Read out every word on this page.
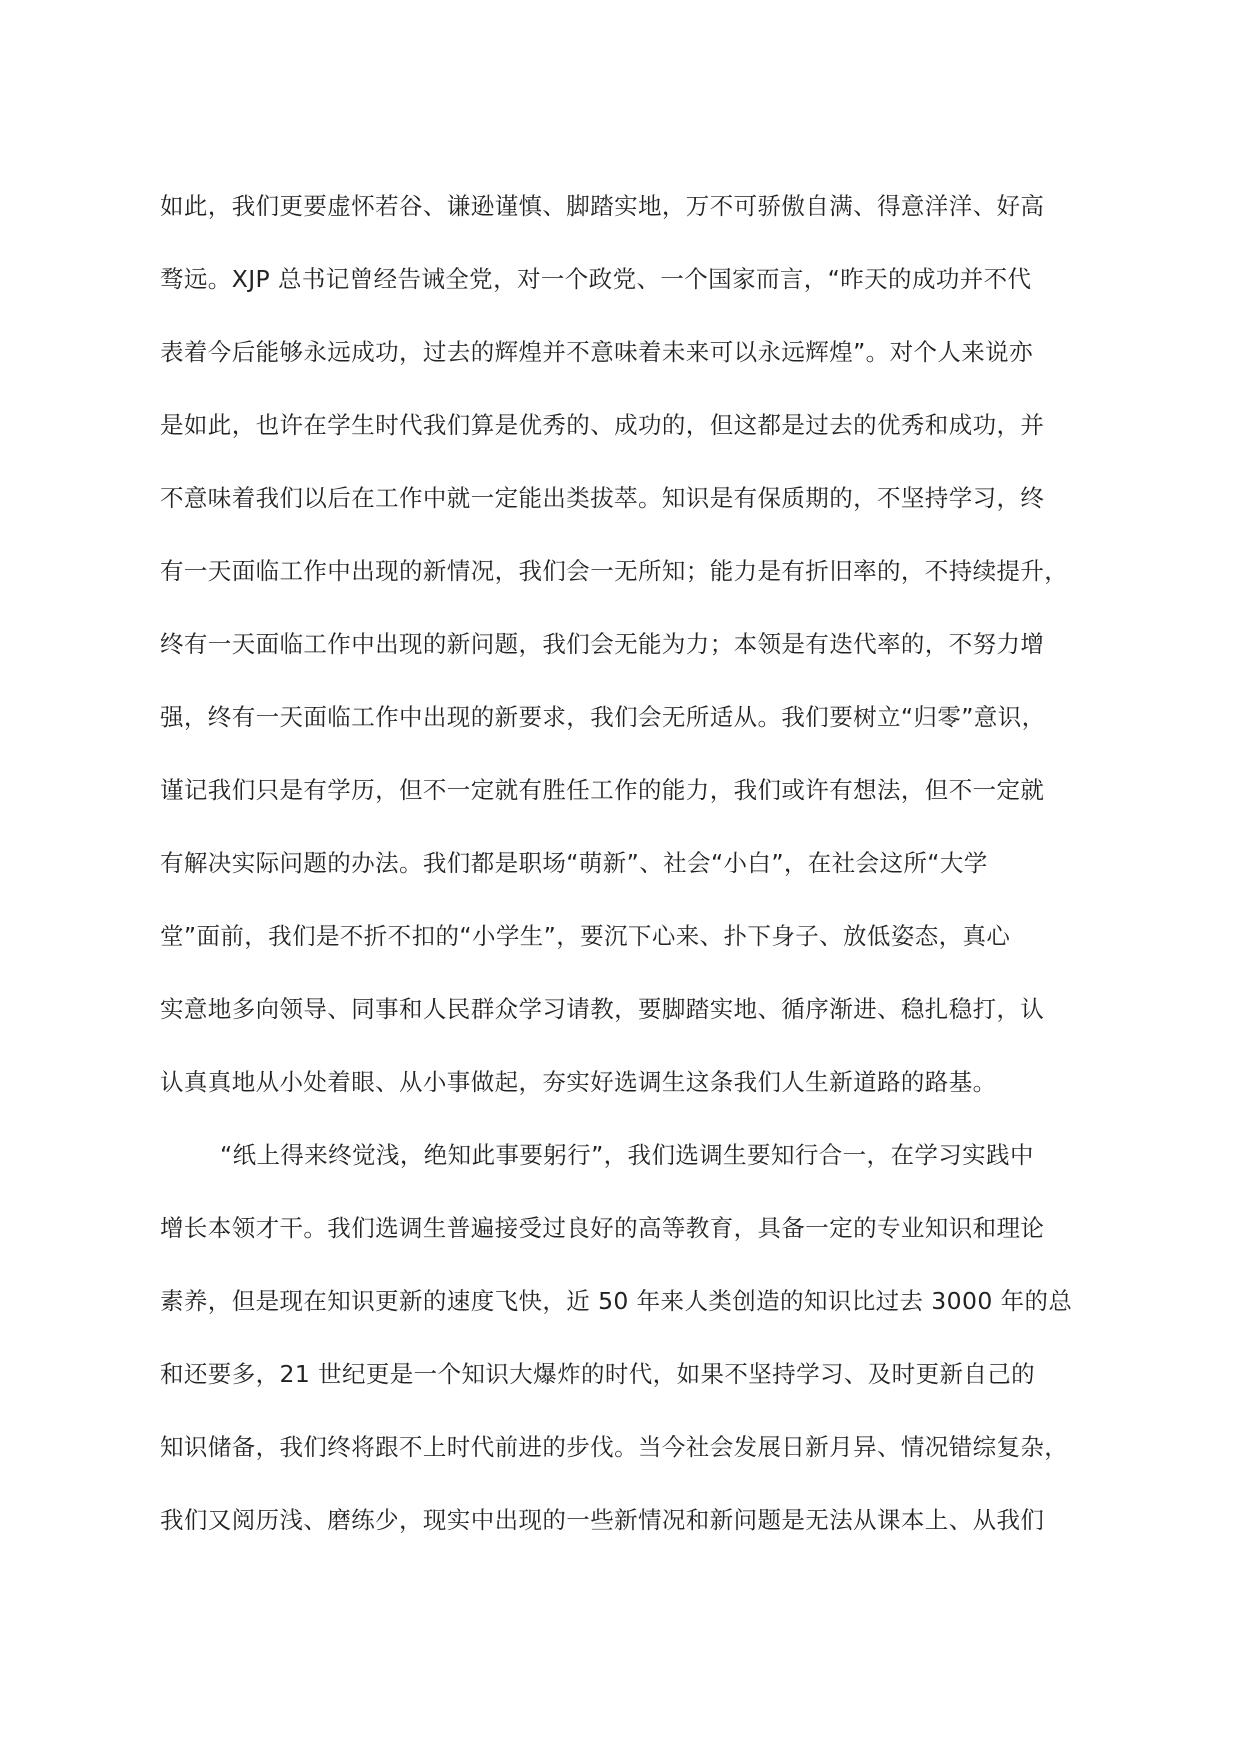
如此，我们更要虚怀若谷、谦逊谨慎、脚踏实地，万不可骄傲自满、得意洋洋、好高
骛远。XJP 总书记曾经告诫全党，对一个政党、一个国家而言，“昨天的成功并不代
表着今后能够永远成功，过去的辉煌并不意味着未来可以永远辉煌”。对个人来说亦
是如此，也许在学生时代我们算是优秀的、成功的，但这都是过去的优秀和成功，并
不意味着我们以后在工作中就一定能出类拔萃。知识是有保质期的，不坚持学习，终
有一天面临工作中出现的新情况，我们会一无所知；能力是有折旧率的，不持续提升，
终有一天面临工作中出现的新问题，我们会无能为力；本领是有迭代率的，不努力增
强，终有一天面临工作中出现的新要求，我们会无所适从。我们要树立“归零”意识，
谨记我们只是有学历，但不一定就有胜任工作的能力，我们或许有想法，但不一定就
有解决实际问题的办法。我们都是职场“萌新”、社会“小白”，在社会这所“大学
堂”面前，我们是不折不扣的“小学生”，要沉下心来、扑下身子、放低姿态，真心
实意地多向领导、同事和人民群众学习请教，要脚踏实地、循序渐进、稳扎稳打，认
认真真地从小处着眼、从小事做起，夯实好选调生这条我们人生新道路的路基。
“纸上得来终觉浅，绝知此事要躬行”，我们选调生要知行合一，在学习实践中
增长本领才干。我们选调生普遍接受过良好的高等教育，具备一定的专业知识和理论
素养，但是现在知识更新的速度飞快，近 50 年来人类创造的知识比过去 3000 年的总
和还要多，21 世纪更是一个知识大爆炸的时代，如果不坚持学习、及时更新自己的
知识储备，我们终将跟不上时代前进的步伐。当今社会发展日新月异、情况错综复杂，
我们又阅历浅、磨练少，现实中出现的一些新情况和新问题是无法从课本上、从我们
